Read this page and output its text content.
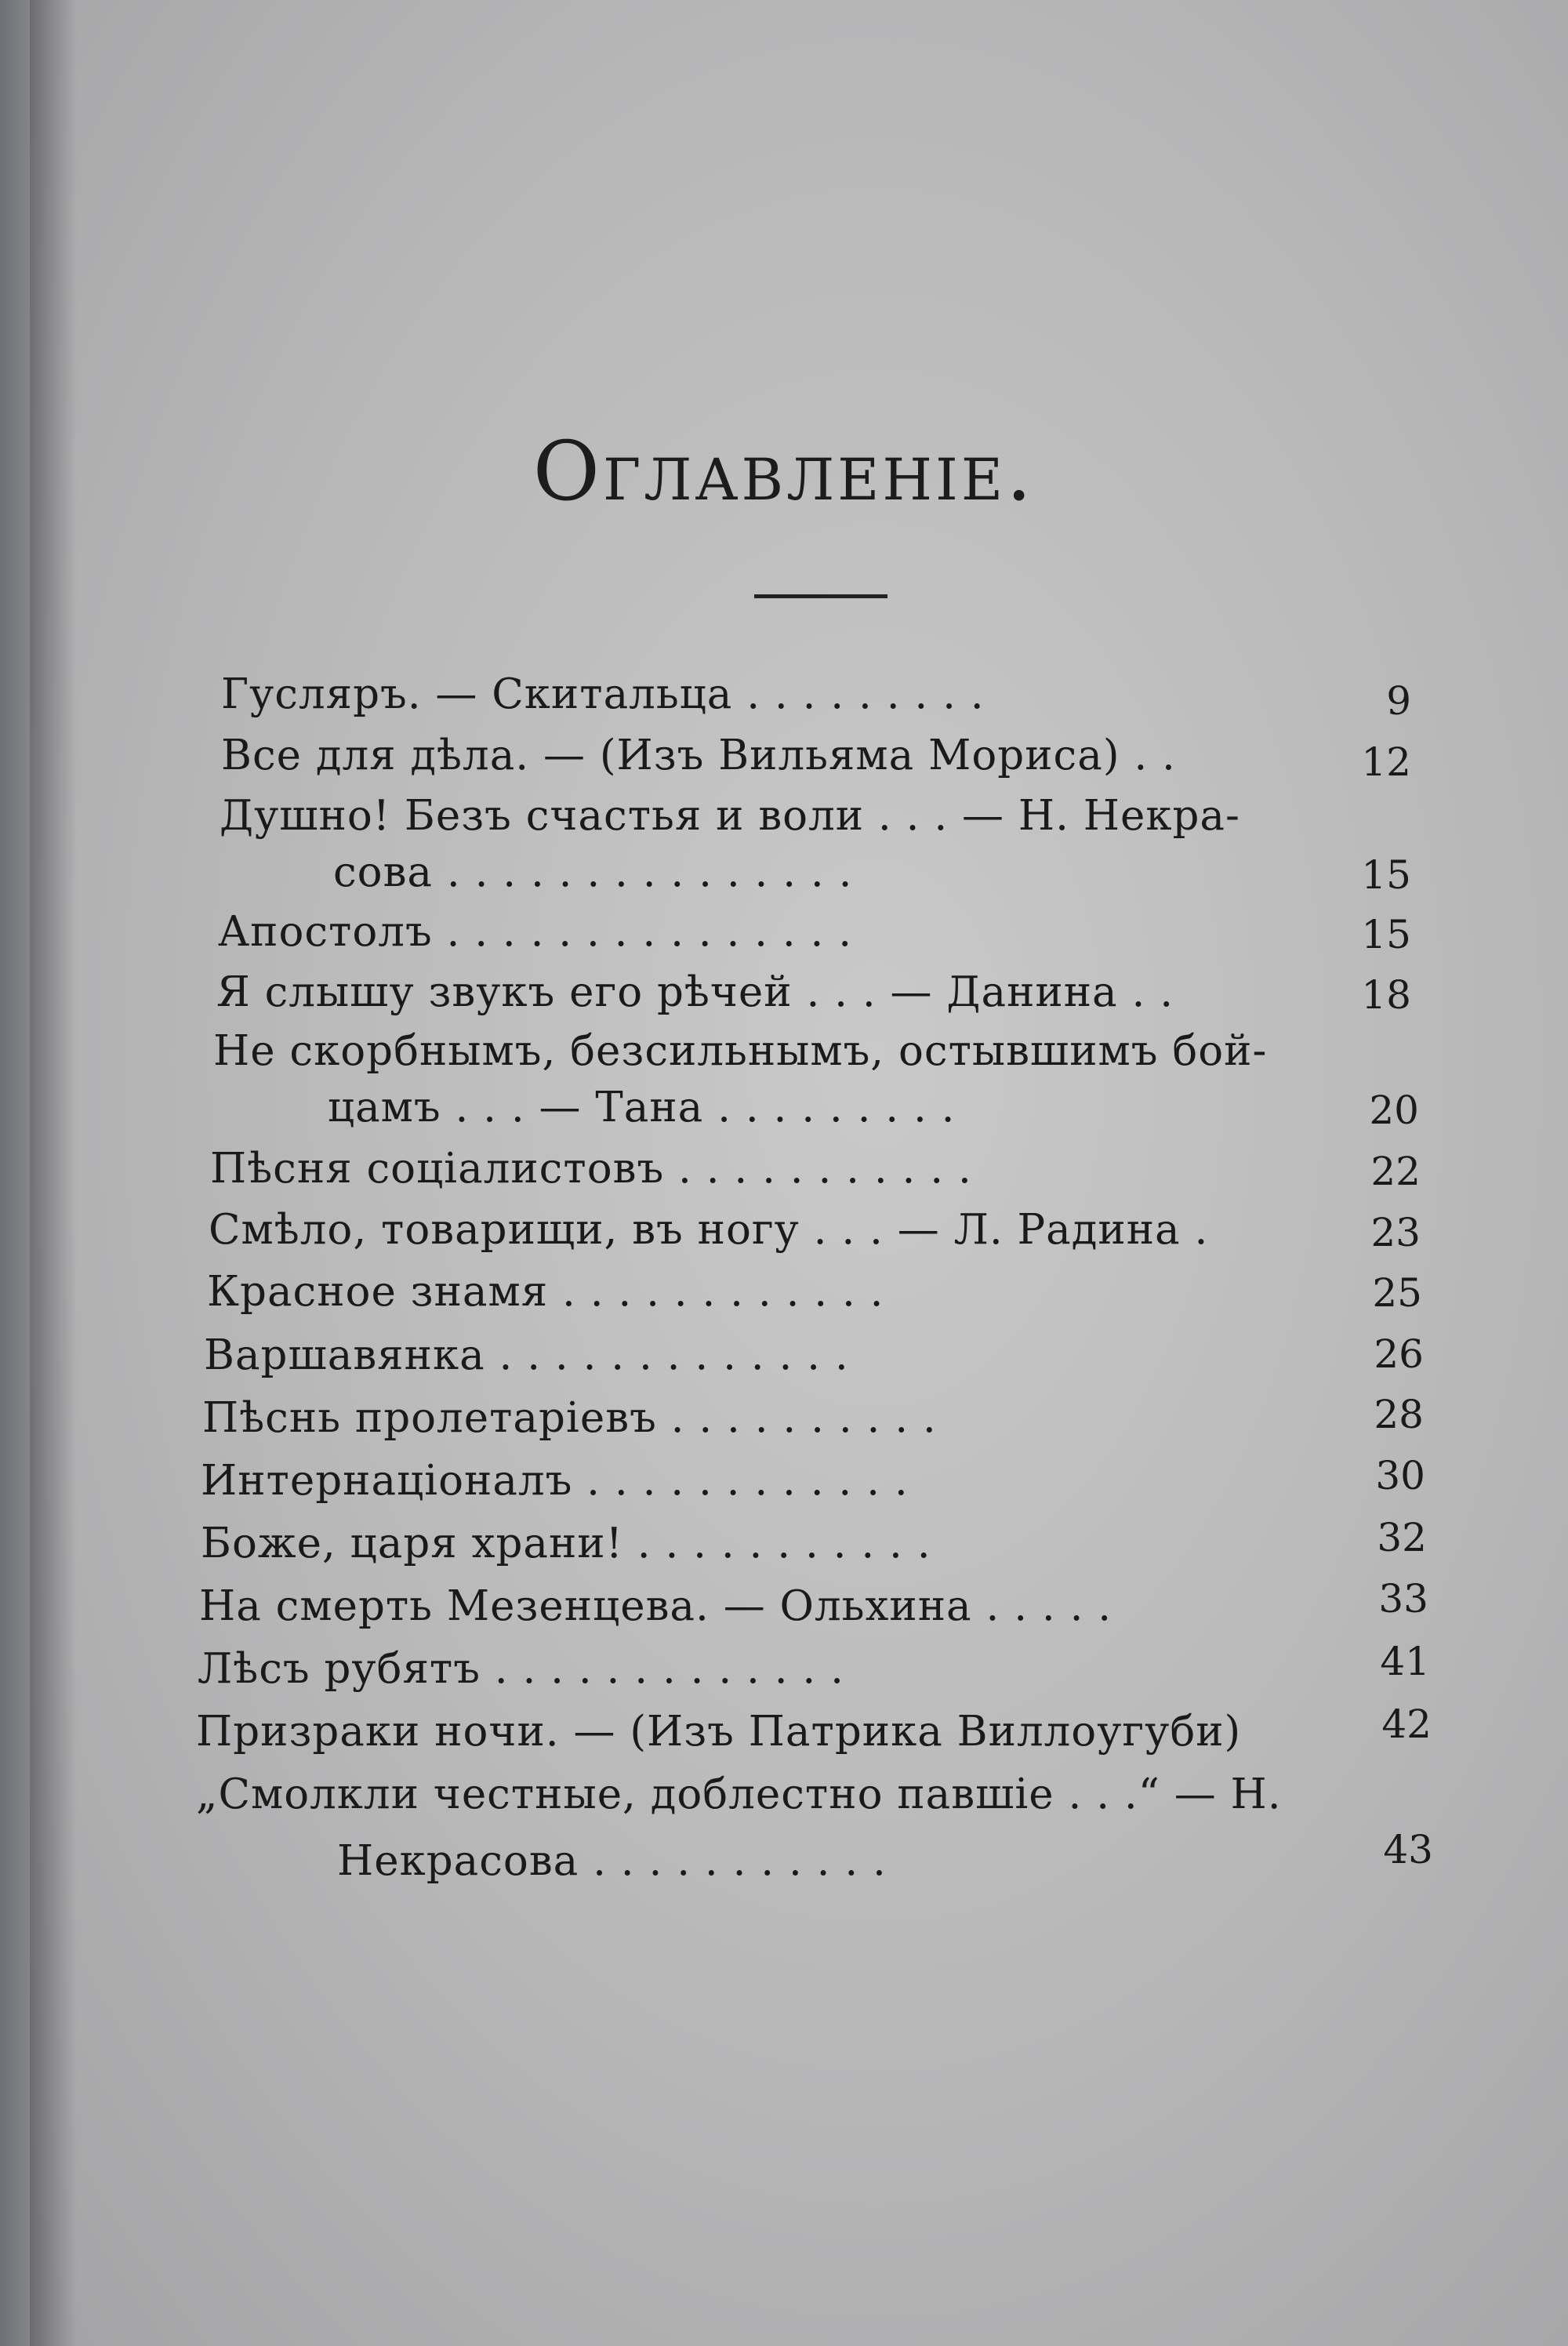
Оглавленіе.
Гусляръ. — Скитальца . . . . . . . . .	9
Все для дѣла. — (Изъ Вильяма Мориса) . .	12
Душно! Безъ счастья и воли . . . — Н. Некра-
сова . . . . . . . . . . . . . . .	15
Апостолъ . . . . . . . . . . . . . . .	15
Я слышу звукъ его рѣчей . . . — Данина . .	18
Не скорбнымъ, безсильнымъ, остывшимъ бой-
цамъ . . . — Тана . . . . . . . . .	20
Пѣсня соціалистовъ . . . . . . . . . . .	22
Смѣло, товарищи, въ ногу . . . — Л. Радина .	23
Красное знамя . . . . . . . . . . . .	25
Варшавянка . . . . . . . . . . . . .	26
Пѣснь пролетаріевъ . . . . . . . . . .	28
Интернаціоналъ . . . . . . . . . . . .	30
Боже, царя храни! . . . . . . . . . . .	32
На смерть Мезенцева. — Ольхина . . . . .	33
Лѣсъ рубятъ . . . . . . . . . . . . .	41
Призраки ночи. — (Изъ Патрика Виллоугуби)	42
„Смолкли честные, доблестно павшіе . . .“ — Н.
Некрасова . . . . . . . . . . .	43
